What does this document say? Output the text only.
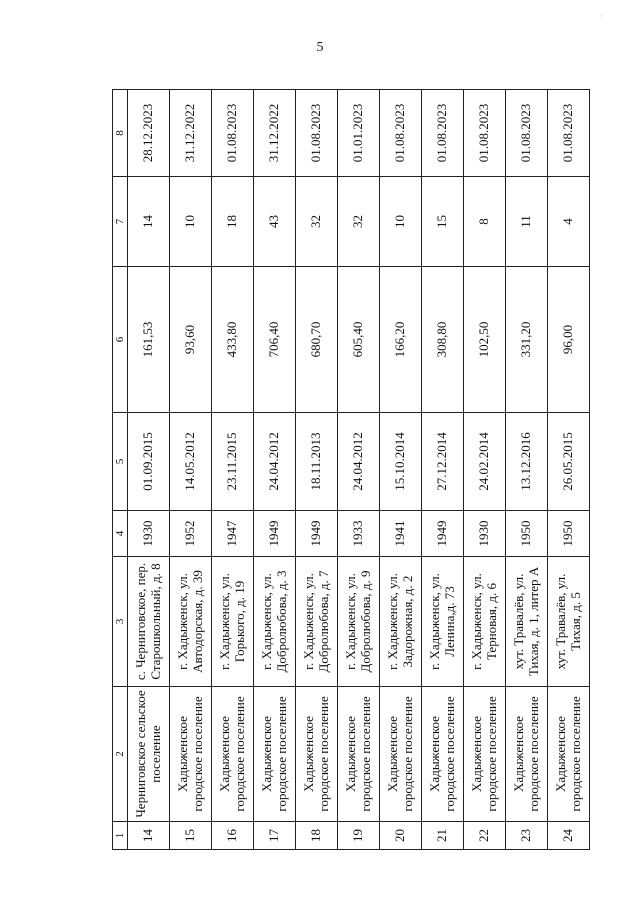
·
5
1	2	3	4	5	6	7	8
14	Черниговское сельское поселение	с. Черниговское, пер. Старошкольный, д. 8	1930	01.09.2015	161,53	14	28.12.2023
15	Хадыженское городское поселение	г. Хадыженск, ул. Автодорская, д. 39	1952	14.05.2012	93,60	10	31.12.2022
16	Хадыженское городское поселение	г. Хадыженск, ул. Горького, д. 19	1947	23.11.2015	433,80	18	01.08.2023
17	Хадыженское городское поселение	г. Хадыженск, ул. Добролюбова, д. 3	1949	24.04.2012	706,40	43	31.12.2022
18	Хадыженское городское поселение	г. Хадыженск, ул. Добролюбова, д. 7	1949	18.11.2013	680,70	32	01.08.2023
19	Хадыженское городское поселение	г. Хадыженск, ул. Добролюбова, д. 9	1933	24.04.2012	605,40	32	01.01.2023
20	Хадыженское городское поселение	г. Хадыженск, ул. Задорожная, д. 2	1941	15.10.2014	166,20	10	01.08.2023
21	Хадыженское городское поселение	г. Хадыженск, ул. Ленина,д. 73	1949	27.12.2014	308,80	15	01.08.2023
22	Хадыженское городское поселение	г. Хадыженск, ул. Терновая, д. 6	1930	24.02.2014	102,50	8	01.08.2023
23	Хадыженское городское поселение	хут. Травалёв, ул. Тихая, д. 1, литер А	1950	13.12.2016	331,20	11	01.08.2023
24	Хадыженское городское поселение	хут. Травалёв, ул. Тихая, д. 5	1950	26.05.2015	96,00	4	01.08.2023
